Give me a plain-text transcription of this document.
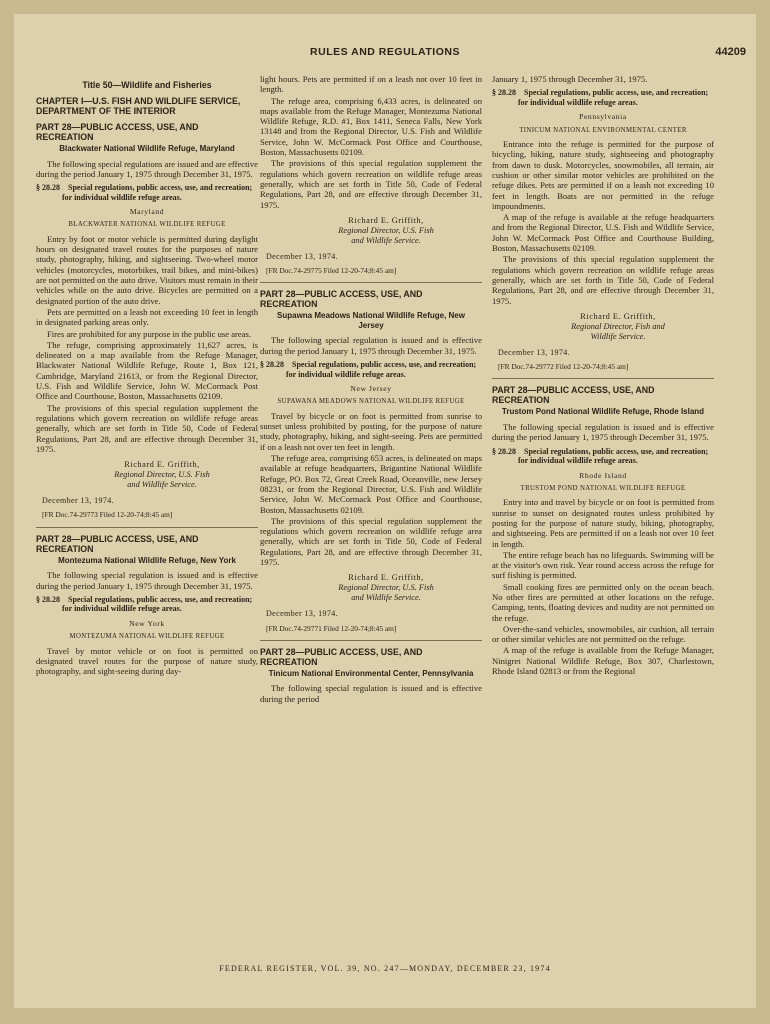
RULES AND REGULATIONS	44209
Title 50—Wildlife and Fisheries
CHAPTER I—U.S. FISH AND WILDLIFE SERVICE, DEPARTMENT OF THE INTERIOR
PART 28—PUBLIC ACCESS, USE, AND RECREATION
Blackwater National Wildlife Refuge, Maryland

The following special regulations are issued and are effective during the period January 1, 1975 through December 31, 1975.

§ 28.28 Special regulations, public access, use, and recreation; for individual wildlife refuge areas.
Maryland
BLACKWATER NATIONAL WILDLIFE REFUGE

Entry by foot or motor vehicle is permitted during daylight hours on designated travel routes for the purposes of nature study, photography, hiking, and sightseeing. Two-wheel motor vehicles (motorcycles, motorbikes, trail bikes, and mini-bikes) are not permitted on the auto drive. Visitors must remain in their vehicles while on the auto drive. Bicycles are permitted on a designated portion of the auto drive.

Pets are permitted on a leash not exceeding 10 feet in length in designated parking areas only.

Fires are prohibited for any purpose in the public use areas.

The refuge, comprising approximately 11,627 acres, is delineated on a map available from the Refuge Manager, Blackwater National Wildlife Refuge, Route 1, Box 121, Cambridge, Maryland 21613, or from the Regional Director, U.S. Fish and Wildlife Service, John W. McCormack Post Office and Courthouse, Boston, Massachusetts 02109.

The provisions of this special regulation supplement the regulations which govern recreation on wildlife refuge areas generally, which are set forth in Title 50, Code of Federal Regulations, Part 28, and are effective through December 31, 1975.

Richard E. Griffith,
Regional Director, U.S. Fish
and Wildlife Service.
December 13, 1974.
[FR Doc.74-29773 Filed 12-20-74;8:45 am]
PART 28—PUBLIC ACCESS, USE, AND RECREATION
Montezuma National Wildlife Refuge, New York

The following special regulation is issued and is effective during the period January 1, 1975 through December 31, 1975.

§ 28.28 Special regulations, public access, use, and recreation; for individual wildlife refuge areas.
New York
MONTEZUMA NATIONAL WILDLIFE REFUGE

Travel by motor vehicle or on foot is permitted on designated travel routes for the purpose of nature study, photography, and sight-seeing during day-

light hours. Pets are permitted if on a leash not over 10 feet in length.

The refuge area, comprising 6,433 acres, is delineated on maps available from the Refuge Manager, Montezuma National Wildlife Refuge, R.D. #1, Box 1411, Seneca Falls, New York 13148 and from the Regional Director, U.S. Fish and Wildlife Service, John W. McCormack Post Office and Courthouse, Boston, Massachusetts 02109.

The provisions of this special regulation supplement the regulations which govern recreation on wildlife refuge areas generally, which are set forth in Title 50, Code of Federal Regulations, Part 28, and are effective through December 31, 1975.

Richard E. Griffith,
Regional Director, U.S. Fish
and Wildlife Service.
December 13, 1974.
[FR Doc.74-29775 Filed 12-20-74;8:45 am]
PART 28—PUBLIC ACCESS, USE, AND RECREATION
Supawna Meadows National Wildlife Refuge, New Jersey

The following special regulation is issued and is effective during the period January 1, 1975 through December 31, 1975.

§ 28.28 Special regulations, public access, use, and recreation; for individual wildlife refuge areas.
New Jersey
SUPAWANA MEADOWS NATIONAL WILDLIFE REFUGE

Travel by bicycle or on foot is permitted from sunrise to sunset unless prohibited by posting, for the purpose of nature study, photography, hiking, and sight-seeing. Pets are permitted if on a leash not over ten feet in length.

The refuge area, comprising 653 acres, is delineated on maps available at refuge headquarters, Brigantine National Wildlife Refuge, PO. Box 72, Great Creek Road, Oceanville, new Jersey 08231, or from the Regional Director, U.S. Fish and Wildlife Service, John W. McCormack Post Office and Courthouse, Boston, Massachusetts 02109.

The provisions of this special regulation supplement the regulations which govern recreation on wildlife refuge area generally, which are set forth in Title 50, Code of Federal Regulations, Part 28, and are effective through December 31, 1975.

Richard E. Griffith,
Regional Director, U.S. Fish
and Wildlife Service.
December 13, 1974.
[FR Doc.74-29771 Filed 12-20-74;8:45 am]
PART 28—PUBLIC ACCESS, USE, AND RECREATION
Tinicum National Environmental Center, Pennsylvania

The following special regulation is issued and is effective during the period

January 1, 1975 through December 31, 1975.

§ 28.28 Special regulations, public access, use, and recreation; for individual wildlife refuge areas.
Pennsylvania
TINICUM NATIONAL ENVIRONMENTAL CENTER

Entrance into the refuge is permitted for the purpose of bicycling, hiking, nature study, sightseeing and photography from dawn to dusk. Motorcycles, snowmobiles, all terrain, air cushion or other similar motor vehicles are prohibited on the refuge dikes. Pets are permitted if on a leash not exceeding 10 feet in length. Boats are not permitted in the refuge impoundments.

A map of the refuge is available at the refuge headquarters and from the Regional Director, U.S. Fish and Wildlife Service, John W. McCormack Post Office and Courthouse Building, Boston, Massachusetts 02109.

The provisions of this special regulation supplement the regulations which govern recreation on wildlife refuge areas generally, which are set forth in Title 50, Code of Federal Regulations, Part 28, and are effective through December 31, 1975.

Richard E. Griffith,
Regional Director, Fish and
Wildlife Service.
December 13, 1974.
[FR Doc.74-29772 Filed 12-20-74;8:45 am]
PART 28—PUBLIC ACCESS, USE, AND RECREATION
Trustom Pond National Wildlife Refuge, Rhode Island

The following special regulation is issued and is effective during the period January 1, 1975 through December 31, 1975.

§ 28.28 Special regulations, public access, use, and recreation; for individual wildlife refuge areas.
Rhode Island
TRUSTOM POND NATIONAL WILDLIFE REFUGE

Entry into and travel by bicycle or on foot is permitted from sunrise to sunset on designated routes unless prohibited by posting for the purpose of nature study, biking, photography, and sightseeing. Pets are permitted if on a leash not over 10 feet in length.

The entire refuge beach has no lifeguards. Swimming will be at the visitor's own risk. Year round access across the refuge for surf fishing is permitted.

Small cooking fires are permitted only on the ocean beach. No other fires are permitted at other locations on the refuge. Camping, tents, floating devices and nudity are not permitted on the refuge.

Over-the-sand vehicles, snowmobiles, air cushion, all terrain or other similar vehicles are not permitted on the refuge.

A map of the refuge is available from the Refuge Manager, Ninigret National Wildlife Refuge, Box 307, Charlestown, Rhode Island 02813 or from the Regional

FEDERAL REGISTER, VOL. 39, NO. 247—MONDAY, DECEMBER 23, 1974
